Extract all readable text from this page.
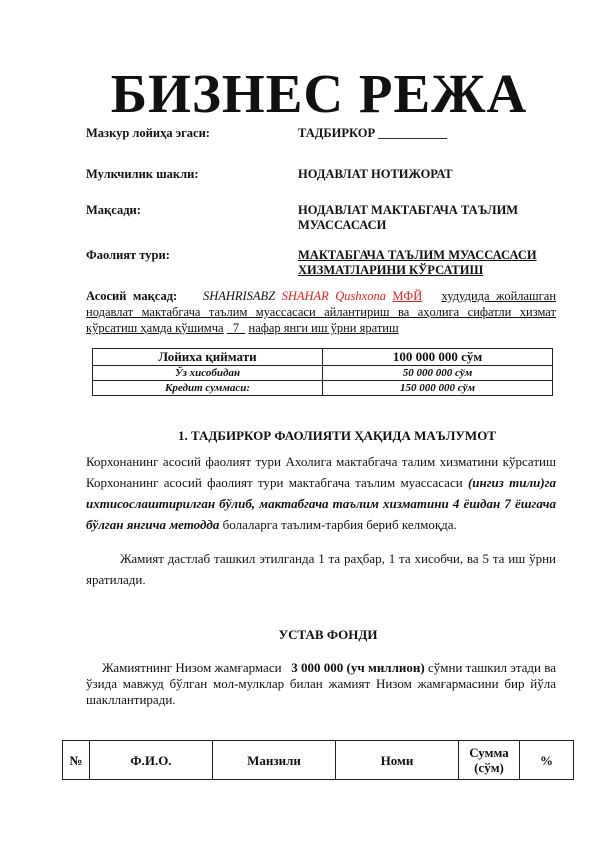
БИЗНЕС РЕЖА
Мазкур лойиҳа эгаси:	ТАДБИРКОР ___________
Мулкчилик шакли:	НОДАВЛАТ НОТИЖОРАТ
Мақсади:	НОДАВЛАТ МАКТАБГАЧА ТАЪЛИМ МУАССАСАСИ
Фаолият тури:	МАКТАБГАЧА ТАЪЛИМ МУАССАСАСИ ХИЗМАТЛАРИНИ КЎРСАТИШ
Асосий мақсад: SHAHRISABZ SHAHAR Qushxona МФЙ худудида жойлашган нодавлат мактабгача таълим муассасаси айлантириш ва аҳолига сифатли хизмат кўрсатиш ҳамда қўшимча 7 нафар янги иш ўрни яратиш
Лойиха қиймати	100 000 000 сўм
Ўз хисобидан	50 000 000 сўм
Кредит суммаси:	150 000 000 сўм
1. ТАДБИРКОР ФАОЛИЯТИ ҲАҚИДА МАЪЛУМОТ
Корхонанинг асосий фаолият тури Ахолига мактабгача талим хизматини кўрсатиш Корхонанинг асосий фаолият тури мактабгача таълим муассасаси (ингиз тили)га ихтисослаштирилган бўлиб, мактабгача таълим хизматини 4 ёшдан 7 ёшгача бўлган янгича методда болаларга таълим-тарбия бериб келмоқда.
Жамият дастлаб ташкил этилганда 1 та раҳбар, 1 та хисобчи, ва 5 та иш ўрни яратилади.
УСТАВ ФОНДИ
Жамиятнинг Низом жамғармаси 3 000 000 (уч миллион) сўмни ташкил этади ва ўзида мавжуд бўлган мол-мулклар билан жамият Низом жамғармасини бир йўла шакллантиради.
№	Ф.И.О.	Манзили	Номи	Сумма (сўм)	%
